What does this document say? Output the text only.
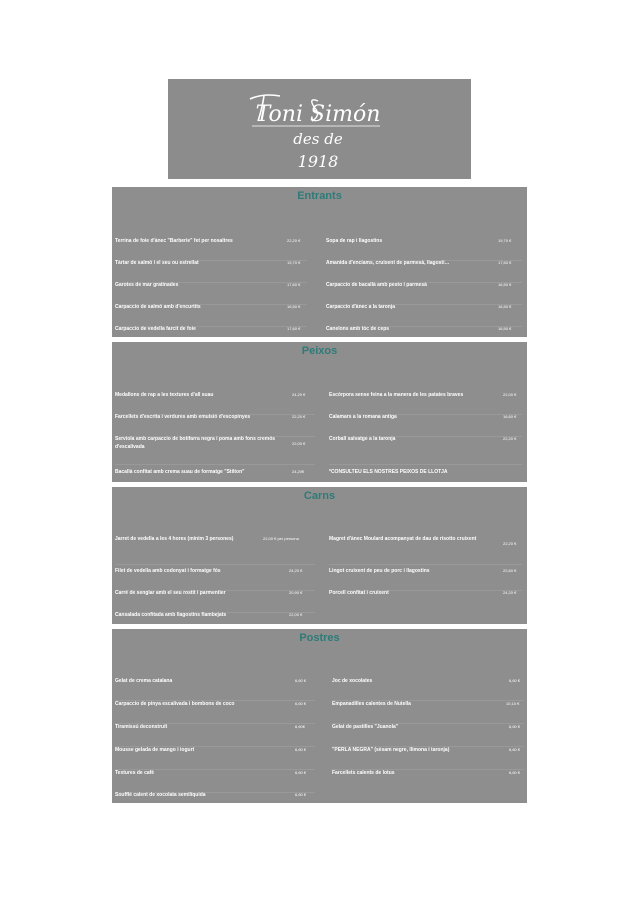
Toni Simón
des de
1918
Entrants
Terrina de foie d'ànec "Barberie" fet per nosaltres	22,20 €
Tàrtar de salmó i el seu ou estrellat	19,70 €
Garotes de mar gratinades	17,60 €
Carpaccio de salmó amb d'encurtits	16,50 €
Carpaccio de vedella farcit de foie	17,60 €
Sopa de rap i llagostins	19,70 €
Amanida d'enciams, cruixent de parmesà, llagosti…	17,60 €
Carpaccio de bacallà amb pesto i parmesà	16,50 €
Carpaccio d'ànec a la taronja	16,50 €
Canelons amb tòc de ceps	16,50 €
Peixos
Medallons de rap a les textures d'all suau	24,20 €
Farcellets d'escrita i verdures amb emulsió d'escopinyes	22,20 €
Serviola amb carpaccio de botifarra negra i poma amb fons cremós d'escalivada
22,00 €
Bacallà confitat amb crema suau de formatge "Stilton"	24,20€
Escórpora sense feina a la manera de les patates braves	22,00 €
Calamars a la romana antiga	16,60 €
Corball salvatge a la taronja	22,20 €
*CONSULTEU ELS NOSTRES PEIXOS DE LLOTJA
Carns
Jarret de vedella a les 4 hores (mínim 3 persones)	22,00 € per persona
Filet de vedella amb codonyat i formatge fós	24,20 €
Carré de senglar amb el seu rostit i parmentier	20,90 €
Cansalada confitada amb llagostins flambejats	22,00 €
Magret d'ànec Moulard acompanyat de dau de risotto cruixent
22,20 €
Lingot cruixent de peu de porc i llagostins	22,60 €
Porcell confitat i cruixent	24,20 €
Postres
Gelat de crema catalana	6,60 €
Carpaccio de pinya escalivada i bombons de coco	6,60 €
Tiramissú deconstruït	6,60€
Mousse gelada de mango i iogurt	6,60 €
Textures de cafè	6,60 €
Soufflé calent de xocolata semilíquida	6,60 €
Joc de xocolates	6,60 €
Empanadilles calentes de Nutella	10,10 €
Gelat de pastilles "Juanola"	6,60 €
"PERLA NEGRA" (sèsam negre, llimona i taronja)	6,60 €
Farcellets calents de lotus	6,60 €
